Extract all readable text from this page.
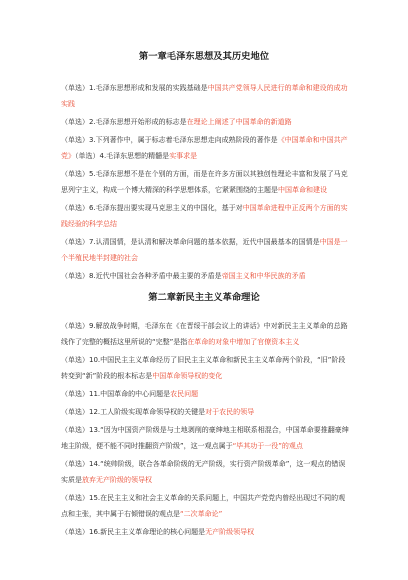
第一章毛泽东思想及其历史地位

（单选）1.毛泽东思想形成和发展的实践基础是中国共产党领导人民进行的革命和建设的成功实践

（单选）2.毛泽东思想开始形成的标志是在理论上阐述了中国革命的新道路

（单选）3.下列著作中，属于标志着毛泽东思想走向成熟阶段的著作是《中国革命和中国共产党》（单选）4.毛泽东思想的精髓是实事求是

（单选）5.毛泽东思想不是在个别的方面，而是在许多方面以其独创性理论丰富和发展了马克思列宁主义，构成一个博大精深的科学思想体系，它紧紧围绕的主题是中国革命和建设

（单选）6.毛泽东提出要实现马克思主义的中国化，基于对中国革命进程中正反两个方面的实践经验的科学总结

（单选）7.认清国情，是认清和解决革命问题的基本依据，近代中国最基本的国情是中国是一个半殖民地半封建的社会

（单选）8.近代中国社会各种矛盾中最主要的矛盾是帝国主义和中华民族的矛盾

第二章新民主主义革命理论

（单选）9.解放战争时期，毛泽东在《在晋绥干部会议上的讲话》中对新民主主义革命的总路线作了完整的概括这里所说的“完整”是指在革命的对象中增加了官僚资本主义

（单选）10.中国民主主义革命经历了旧民主主义革命和新民主主义革命两个阶段，“旧”阶段转变到“新”阶段的根本标志是中国革命领导权的变化

（单选）11.中国革命的中心问题是农民问题

（单选）12.工人阶级实现革命领导权的关键是对于农民的领导

（单选）13.“因为中国资产阶级是与土地剥削的豪绅地主相联系相混合，中国革命要推翻豪绅地主阶级，便不能不同时推翻资产阶级”，这一观点属于“毕其功于一役”的观点

（单选）14.“统帅阶级，联合各革命阶级的无产阶级，实行资产阶级革命”，这一观点的错误实质是放弃无产阶级的领导权

（单选）15.在民主主义和社会主义革命的关系问题上，中国共产党党内曾经出现过不同的观点和主张，其中属于右倾错误的观点是“二次革命论”

（单选）16.新民主主义革命理论的核心问题是无产阶级领导权
